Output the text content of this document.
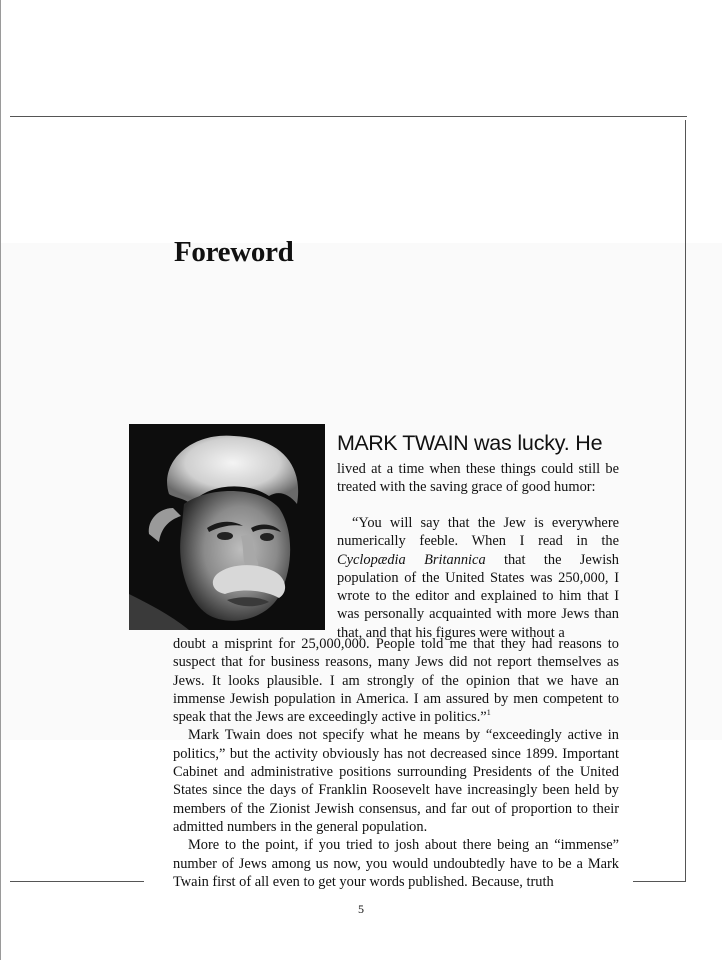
Foreword

MARK TWAIN was lucky. He

lived at a time when these things could still be treated with the saving grace of good humor:

“You will say that the Jew is everywhere numerically feeble. When I read in the Cyclopædia Britannica that the Jewish population of the United States was 250,000, I wrote to the editor and explained to him that I was personally acquainted with more Jews than that, and that his figures were without a

doubt a misprint for 25,000,000. People told me that they had reasons to suspect that for business reasons, many Jews did not report themselves as Jews. It looks plausible. I am strongly of the opinion that we have an immense Jewish population in America. I am assured by men competent to speak that the Jews are exceedingly active in politics.”$^1$

Mark Twain does not specify what he means by “exceedingly active in politics,” but the activity obviously has not decreased since 1899. Important Cabinet and administrative positions surrounding Presidents of the United States since the days of Franklin Roosevelt have increasingly been held by members of the Zionist Jewish consensus, and far out of proportion to their admitted numbers in the general population.

More to the point, if you tried to josh about there being an “immense” number of Jews among us now, you would undoubtedly have to be a Mark Twain first of all even to get your words published. Because, truth

5
